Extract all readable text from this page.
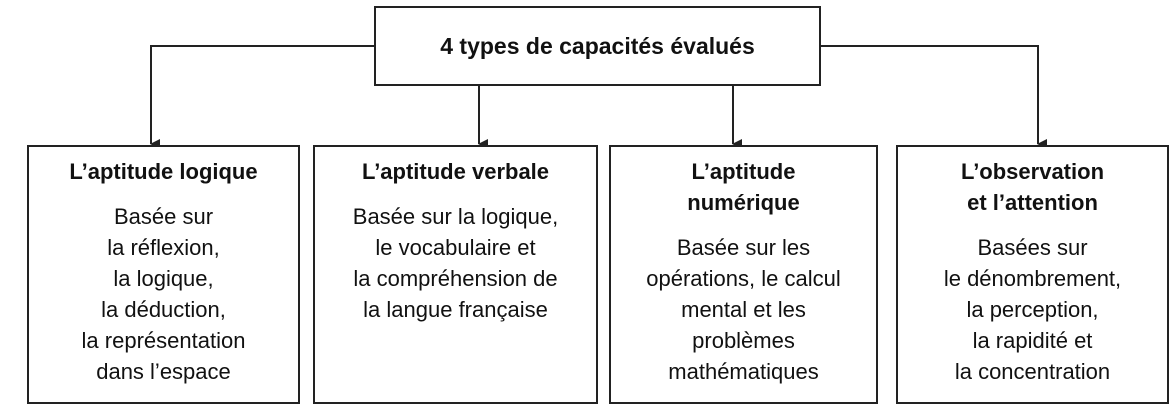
4 types de capacités évalués
L’aptitude logique
Basée sur
la réflexion,
la logique,
la déduction,
la représentation
dans l’espace
L’aptitude verbale
Basée sur la logique,
le vocabulaire et
la compréhension de
la langue française
L’aptitude
numérique
Basée sur les
opérations, le calcul
mental et les
problèmes
mathématiques
L’observation
et l’attention
Basées sur
le dénombrement,
la perception,
la rapidité et
la concentration
